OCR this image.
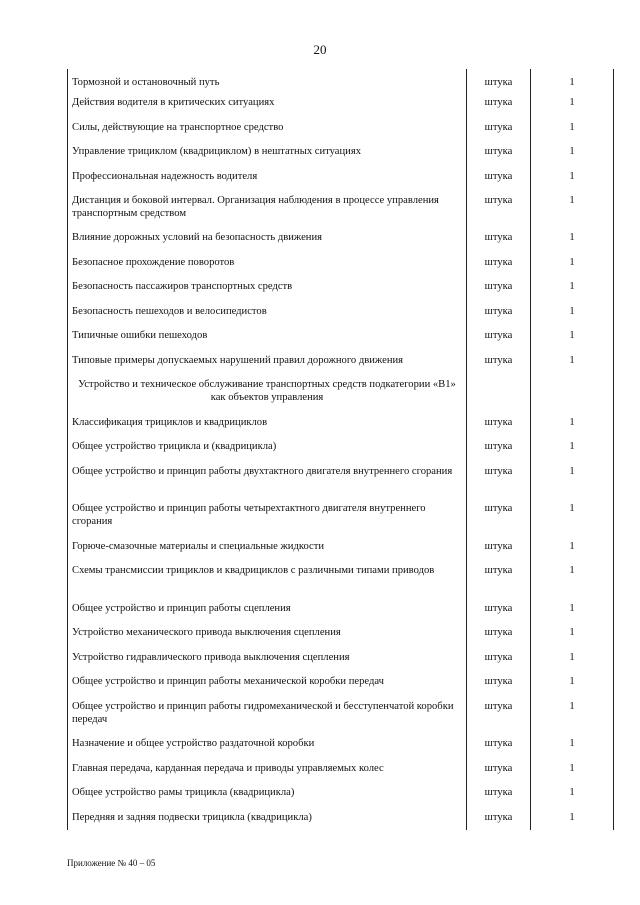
20
Тормозной и остановочный путь	штука	1
Действия водителя в критических ситуациях	штука	1
Силы, действующие на транспортное средство	штука	1
Управление трициклом (квадрициклом) в нештатных ситуациях	штука	1
Профессиональная надежность водителя	штука	1
Дистанция и боковой интервал. Организация наблюдения в процессе управления транспортным средством	штука	1
Влияние дорожных условий на безопасность движения	штука	1
Безопасное прохождение поворотов	штука	1
Безопасность пассажиров транспортных средств	штука	1
Безопасность пешеходов и велосипедистов	штука	1
Типичные ошибки пешеходов	штука	1
Типовые примеры допускаемых нарушений правил дорожного движения	штука	1
Устройство и техническое обслуживание транспортных средств подкатегории «B1» как объектов управления		
Классификация трициклов и квадрициклов	штука	1
Общее устройство трицикла и (квадрицикла)	штука	1
Общее устройство и принцип работы двухтактного двигателя внутреннего сгорания	штука	1
Общее устройство и принцип работы четырехтактного двигателя внутреннего сгорания	штука	1
Горюче-смазочные материалы и специальные жидкости	штука	1
Схемы трансмиссии трициклов и квадрициклов с различными типами приводов	штука	1
Общее устройство и принцип работы сцепления	штука	1
Устройство механического привода выключения сцепления	штука	1
Устройство гидравлического привода выключения сцепления	штука	1
Общее устройство и принцип работы механической коробки передач	штука	1
Общее устройство и принцип работы гидромеханической и бесступенчатой коробки передач	штука	1
Назначение и общее устройство раздаточной коробки	штука	1
Главная передача, карданная передача и приводы управляемых колес	штука	1
Общее устройство рамы трицикла (квадрицикла)	штука	1
Передняя и задняя подвески трицикла (квадрицикла)	штука	1
Приложение № 40 – 05
